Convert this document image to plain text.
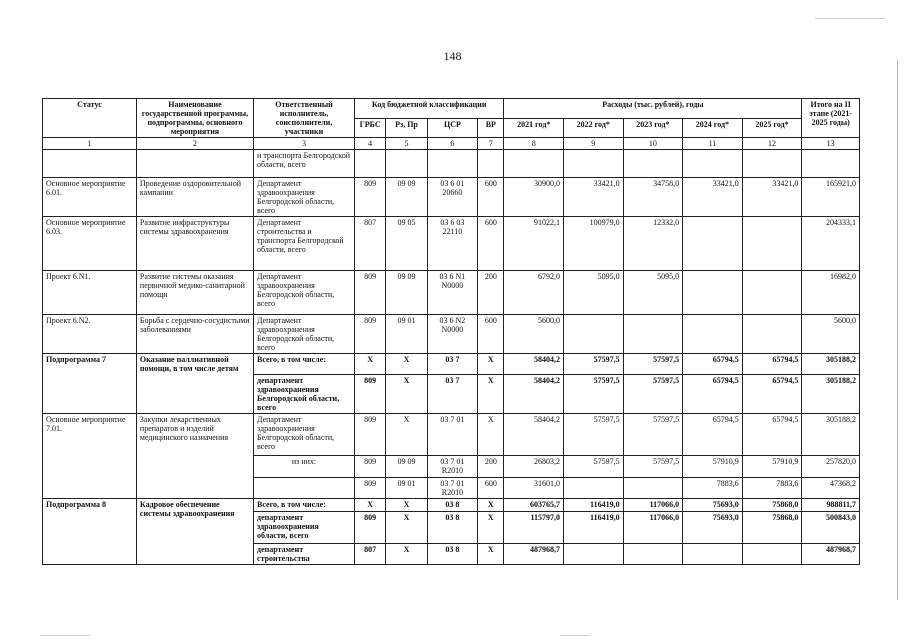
148
Статус	Наименование государственной программы, подпрограммы, основного мероприятия	Ответственный исполнитель, соисполнители, участники	Код бюджетной классификации				Расходы (тыс. рублей), годы					Итого на II этапе (2021-2025 годы)
			ГРБС	Рз, Пр	ЦСР	ВР	2021 год*	2022 год*	2023 год*	2024 год*	2025 год*	
1	2	3	4	5	6	7	8	9	10	11	12	13
		и транспорта Белгородской области, всего										
Основное мероприятие 6.01.	Проведение оздоровительной кампании	Департамент здравоохранения Белгородской области, всего	809	09 09	03 6 01 20660	600	30900,0	33421,0	34758,0	33421,0	33421,0	165921,0
Основное мероприятие 6.03.	Развитие инфраструктуры системы здравоохранения	Департамент строительства и транспорта Белгородской области, всего	807	09 05	03 6 03 22110	600	91022,1	100979,0	12332,0			204333,1
Проект 6.N1.	Развитие системы оказания первичной медико-санитарной помощи	Департамент здравоохранения Белгородской области, всего	809	09 09	03 6 N1 N0000	200	6792,0	5095,0	5095,0			16982,0
Проект 6.N2.	Борьба с сердечно-сосудистыми заболеваниями	Департамент здравоохранения Белгородской области, всего	809	09 01	03 6 N2 N0000	600	5600,0					5600,0
Подпрограмма 7	Оказание паллиативной помощи, в том числе детям	Всего, в том числе:	X	X	03 7	X	58404,2	57597,5	57597,5	65794,5	65794,5	305188,2
		департамент здравоохранения Белгородской области, всего	809	X	03 7	X	58404,2	57597,5	57597,5	65794,5	65794,5	305188,2
Основное мероприятие 7.01.	Закупки лекарственных препаратов и изделий медицинского назначения	Департамент здравоохранения Белгородской области, всего	809	X	03 7 01	X	58404,2	57597,5	57597,5	65794,5	65794,5	305188,2
		из них:	809	09 09	03 7 01 R2010	200	26803,2	57597,5	57597,5	57910,9	57910,9	257820,0
			809	09 01	03 7 01 R2010	600	31601,0			7883,6	7883,6	47368,2
Подпрограмма 8	Кадровое обеспечение системы здравоохранения	Всего, в том числе:	X	X	03 8	X	603765,7	116419,0	117066,0	75693,0	75868,0	988811,7
		департамент здравоохранения области, всего	809	X	03 8	X	115797,0	116419,0	117066,0	75693,0	75868,0	500843,0
		департамент строительства	807	X	03 8	X	487968,7					487968,7
